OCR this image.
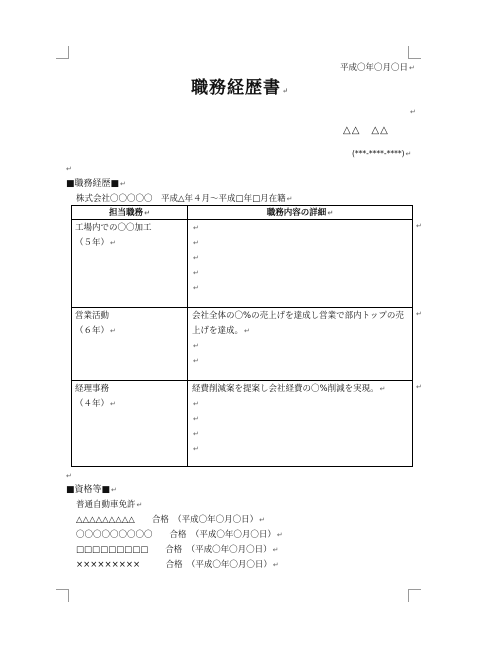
平成〇年〇月〇日↵
職務経歴書↵
↵
△△　△△
(***-****-****)↵
↵
■職務経歴■↵
株式会社〇〇〇〇〇　平成△年４月～平成□年□月在籍↵
担当職務↵	職務内容の詳細↵
工場内での〇〇加工
（５年）↵
↵
↵
↵
↵
↵
営業活動
（６年）↵
会社全体の〇%の売上げを達成し営業で部内トップの売
上げを達成。↵
↵
↵
経理事務
（４年）↵
経費削減案を提案し会社経費の〇%削減を実現。↵
↵
↵
↵
↵
↵
↵
↵
↵
■資格等■↵
普通自動車免許↵
△△△△△△△△△　　 合格　 （平成〇年〇月〇日）↵
〇〇〇〇〇〇〇〇〇　　 合格　 （平成〇年〇月〇日）↵
□□□□□□□□□　　 合格　 （平成〇年〇月〇日）↵
×××××××××　　　	合格　 （平成〇年〇月〇日）↵
